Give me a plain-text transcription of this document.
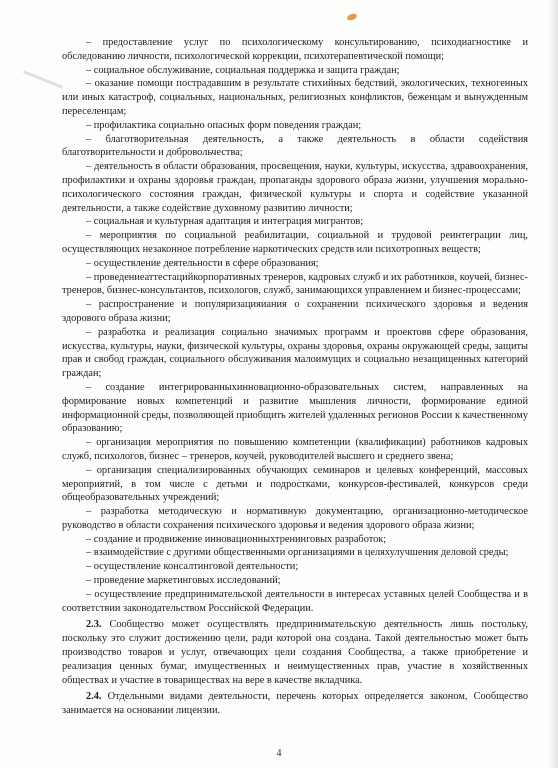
– предоставление услуг по психологическому консультированию, психодиагностике и обследованию личности, психологической коррекции, психотерапевтической помощи;

– социальное обслуживание, социальная поддержка и защита граждан;

– оказание помощи пострадавшим в результате стихийных бедствий, экологических, техногенных или иных катастроф, социальных, национальных, религиозных конфликтов, беженцам и вынужденным переселенцам;

– профилактика социально опасных форм поведения граждан;

– благотворительная деятельность, а также деятельность в области содействия благотворительности и добровольчества;

– деятельность в области образования, просвещения, науки, культуры, искусства, здравоохранения, профилактики и охраны здоровья граждан, пропаганды здорового образа жизни, улучшения морально-психологического состояния граждан, физической культуры и спорта и содействие указанной деятельности, а также содействие духовному развитию личности;

– социальная и культурная адаптация и интеграция мигрантов;

– мероприятия по социальной реабилитации, социальной и трудовой реинтеграции лиц, осуществляющих незаконное потребление наркотических средств или психотропных веществ;

– осуществление деятельности в сфере образования;

– проведениеаттестацийкорпоративных тренеров, кадровых служб и их работников, коучей, бизнес-тренеров, бизнес-консультантов, психологов, служб, занимающихся управлением и бизнес-процессами;

– распространение и популяризацияиания о сохранении психического здоровья и ведения здорового образа жизни;

– разработка и реализация социально значимых программ и проектовв сфере образования, искусства, культуры, науки, физической культуры, охраны здоровья, охраны окружающей среды, защиты прав и свобод граждан, социального обслуживания малоимущих и социально незащищенных категорий граждан;

– создание интегрированныхинновационно-образовательных систем, направленных на формирование новых компетенций и развитие мышления личности, формирование единой информационной среды, позволяющей приобщить жителей удаленных регионов России к качественному образованию;

– организация мероприятия по повышению компетенции (квалификации) работников кадровых служб, психологов, бизнес – тренеров, коучей, руководителей высшего и среднего звена;

– организация специализированных обучающих семинаров и целевых конференций, массовых мероприятий, в том числе с детьми и подростками, конкурсов-фестивалей, конкурсов среди общеобразовательных учреждений;

– разработка методическую и нормативную документацию, организационно-методическое руководство в области сохранения психического здоровья и ведения здорового образа жизни;

– создание и продвижение инновационныхтренинговых разработок;

– взаимодействие с другими общественными организациями в целяхулучшения деловой среды;

– осуществление консалтинговой деятельности;

– проведение маркетинговых исследований;

– осуществление предпринимательской деятельности в интересах уставных целей Сообщества и в соответствии законодательством Российской Федерации.

2.3. Сообщество может осуществлять предпринимательскую деятельность лишь постольку, поскольку это служит достижению цели, ради которой она создана. Такой деятельностью может быть производство товаров и услуг, отвечающих цели создания Сообщества, а также приобретение и реализация ценных бумаг, имущественных и неимущественных прав, участие в хозяйственных обществах и участие в товариществах на вере в качестве вкладчика.

2.4. Отдельными видами деятельности, перечень которых определяется законом, Сообщество занимается на основании лицензии.

4
